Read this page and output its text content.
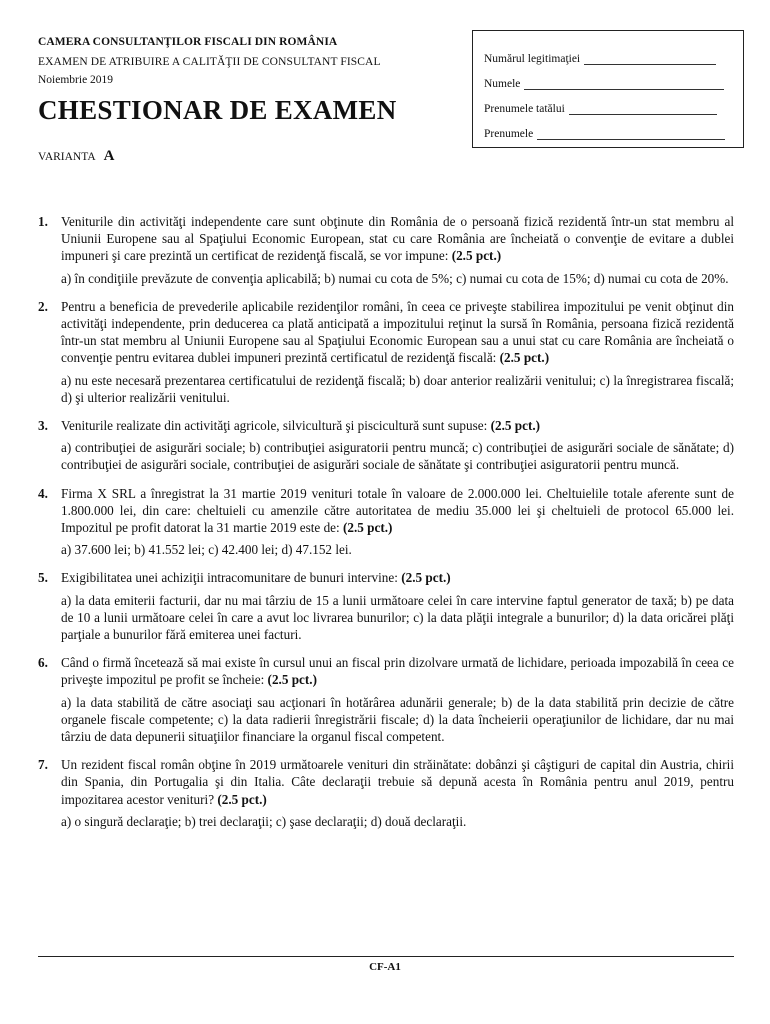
CAMERA CONSULTANŢILOR FISCALI DIN ROMÂNIA
EXAMEN DE ATRIBUIRE A CALITĂŢII DE CONSULTANT FISCAL
Noiembrie 2019
CHESTIONAR DE EXAMEN
VARIANTA A
Numărul legitimaţiei
Numele
Prenumele tatălui
Prenumele
1. Veniturile din activităţi independente care sunt obţinute din România de o persoană fizică rezidentă într-un stat membru al Uniunii Europene sau al Spaţiului Economic European, stat cu care România are încheiată o convenţie de evitare a dublei impuneri şi care prezintă un certificat de rezidenţă fiscală, se vor impune: (2.5 pct.)
a) în condiţiile prevăzute de convenţia aplicabilă; b) numai cu cota de 5%; c) numai cu cota de 15%; d) numai cu cota de 20%.
2. Pentru a beneficia de prevederile aplicabile rezidenţilor români, în ceea ce priveşte stabilirea impozitului pe venit obţinut din activităţi independente, prin deducerea ca plată anticipată a impozitului reţinut la sursă în România, persoana fizică rezidentă într-un stat membru al Uniunii Europene sau al Spaţiului Economic European sau a unui stat cu care România are încheiată o convenţie pentru evitarea dublei impuneri prezintă certificatul de rezidenţă fiscală: (2.5 pct.)
a) nu este necesară prezentarea certificatului de rezidenţă fiscală; b) doar anterior realizării venitului; c) la înregistrarea fiscală; d) şi ulterior realizării venitului.
3. Veniturile realizate din activităţi agricole, silvicultură şi piscicultură sunt supuse: (2.5 pct.)
a) contribuţiei de asigurări sociale; b) contribuţiei asiguratorii pentru muncă; c) contribuţiei de asigurări sociale de sănătate; d) contribuţiei de asigurări sociale, contribuţiei de asigurări sociale de sănătate şi contribuţiei asiguratorii pentru muncă.
4. Firma X SRL a înregistrat la 31 martie 2019 venituri totale în valoare de 2.000.000 lei. Cheltuielile totale aferente sunt de 1.800.000 lei, din care: cheltuieli cu amenzile către autoritatea de mediu 35.000 lei şi cheltuieli de protocol 65.000 lei. Impozitul pe profit datorat la 31 martie 2019 este de: (2.5 pct.)
a) 37.600 lei; b) 41.552 lei; c) 42.400 lei; d) 47.152 lei.
5. Exigibilitatea unei achiziţii intracomunitare de bunuri intervine: (2.5 pct.)
a) la data emiterii facturii, dar nu mai târziu de 15 a lunii următoare celei în care intervine faptul generator de taxă; b) pe data de 10 a lunii următoare celei în care a avut loc livrarea bunurilor; c) la data plăţii integrale a bunurilor; d) la data oricărei plăţi parţiale a bunurilor fără emiterea unei facturi.
6. Când o firmă încetează să mai existe în cursul unui an fiscal prin dizolvare urmată de lichidare, perioada impozabilă în ceea ce priveşte impozitul pe profit se încheie: (2.5 pct.)
a) la data stabilită de către asociaţi sau acţionari în hotărârea adunării generale; b) de la data stabilită prin decizie de către organele fiscale competente; c) la data radierii înregistrării fiscale; d) la data încheierii operaţiunilor de lichidare, dar nu mai târziu de data depunerii situaţiilor financiare la organul fiscal competent.
7. Un rezident fiscal român obţine în 2019 următoarele venituri din străinătate: dobânzi şi câştiguri de capital din Austria, chirii din Spania, din Portugalia şi din Italia. Câte declaraţii trebuie să depună acesta în România pentru anul 2019, pentru impozitarea acestor venituri? (2.5 pct.)
a) o singură declaraţie; b) trei declaraţii; c) şase declaraţii; d) două declaraţii.
CF-A1
